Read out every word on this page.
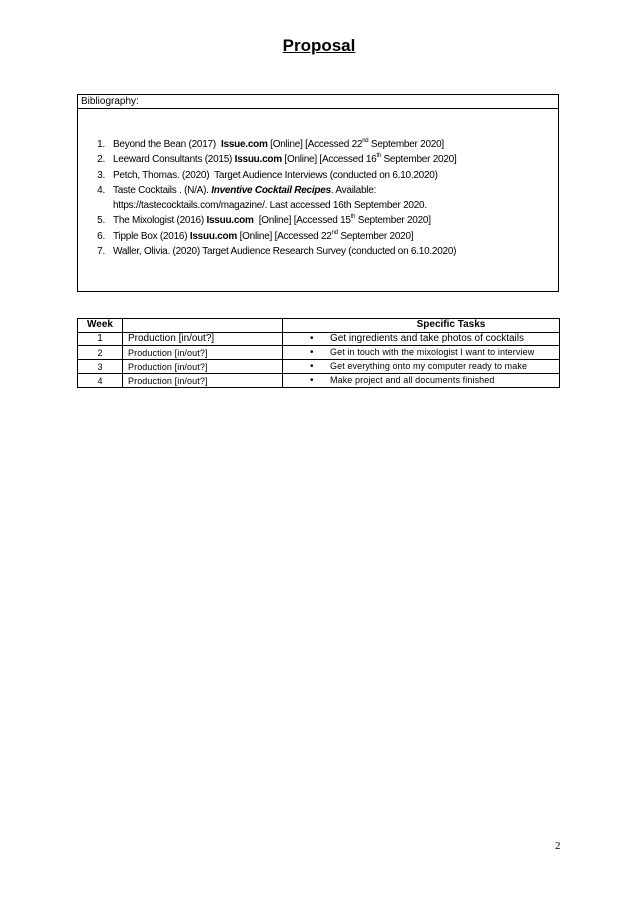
Proposal
Bibliography:
1. Beyond the Bean (2017)  Issue.com [Online] [Accessed 22nd September 2020]
2. Leeward Consultants (2015) Issuu.com [Online] [Accessed 16th September 2020]
3. Petch, Thomas. (2020)  Target Audience Interviews (conducted on 6.10.2020)
4. Taste Cocktails . (N/A). Inventive Cocktail Recipes. Available:
https://tastecocktails.com/magazine/. Last accessed 16th September 2020.
5. The Mixologist (2016) Issuu.com  [Online] [Accessed 15th September 2020]
6. Tipple Box (2016) Issuu.com [Online] [Accessed 22nd September 2020]
7. Waller, Olivia. (2020) Target Audience Research Survey (conducted on 6.10.2020)
Week		Specific Tasks
1	Production [in/out?]	• Get ingredients and take photos of cocktails
2	Production [in/out?]	• Get in touch with the mixologist I want to interview
3	Production [in/out?]	• Get everything onto my computer ready to make
4	Production [in/out?]	• Make project and all documents finished
2
